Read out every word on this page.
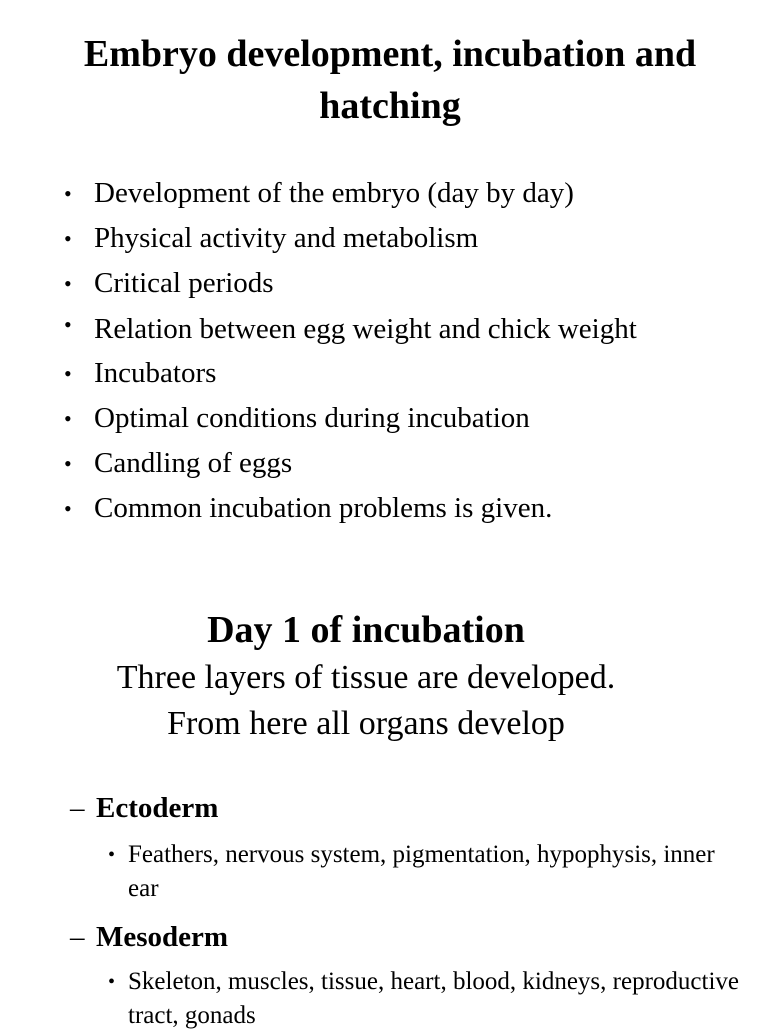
Embryo development, incubation and hatching
• Development of the embryo (day by day)
• Physical activity and metabolism
• Critical periods
• Relation between egg weight and chick weight
• Incubators
• Optimal conditions during incubation
• Candling of eggs
• Common incubation problems is given.
Day 1 of incubation
Three layers of tissue are developed.
From here all organs develop
– Ectoderm
• Feathers, nervous system, pigmentation, hypophysis, inner ear
– Mesoderm
• Skeleton, muscles, tissue, heart, blood, kidneys, reproductive tract, gonads
